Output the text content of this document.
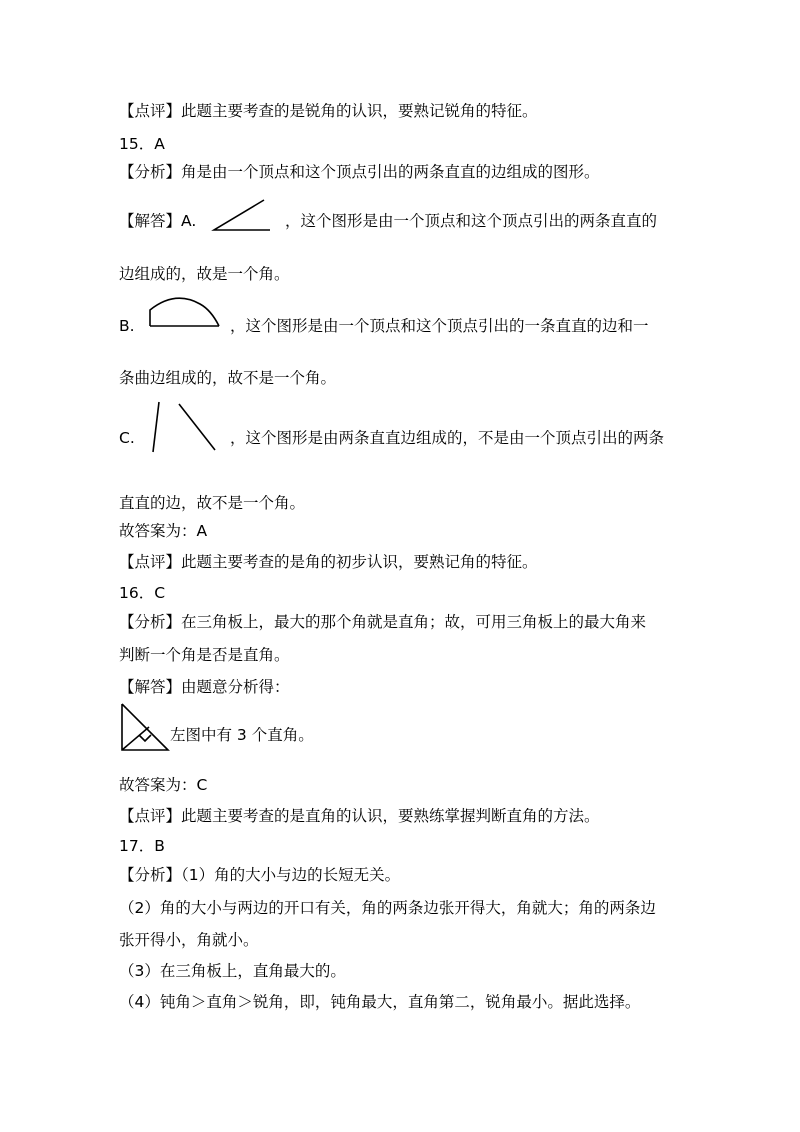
【点评】此题主要考查的是锐角的认识，要熟记锐角的特征。
15．A
【分析】角是由一个顶点和这个顶点引出的两条直直的边组成的图形。
【解答】A.	，这个图形是由一个顶点和这个顶点引出的两条直直的
边组成的，故是一个角。
B.	，这个图形是由一个顶点和这个顶点引出的一条直直的边和一
条曲边组成的，故不是一个角。
C.	，这个图形是由两条直直边组成的，不是由一个顶点引出的两条
直直的边，故不是一个角。
故答案为：A
【点评】此题主要考查的是角的初步认识，要熟记角的特征。
16．C
【分析】在三角板上，最大的那个角就是直角；故，可用三角板上的最大角来
判断一个角是否是直角。
【解答】由题意分析得：
左图中有 3 个直角。
故答案为：C
【点评】此题主要考查的是直角的认识，要熟练掌握判断直角的方法。
17．B
【分析】（1）角的大小与边的长短无关。
（2）角的大小与两边的开口有关，角的两条边张开得大，角就大；角的两条边
张开得小，角就小。
（3）在三角板上，直角最大的。
（4）钝角＞直角＞锐角，即，钝角最大，直角第二，锐角最小。据此选择。
